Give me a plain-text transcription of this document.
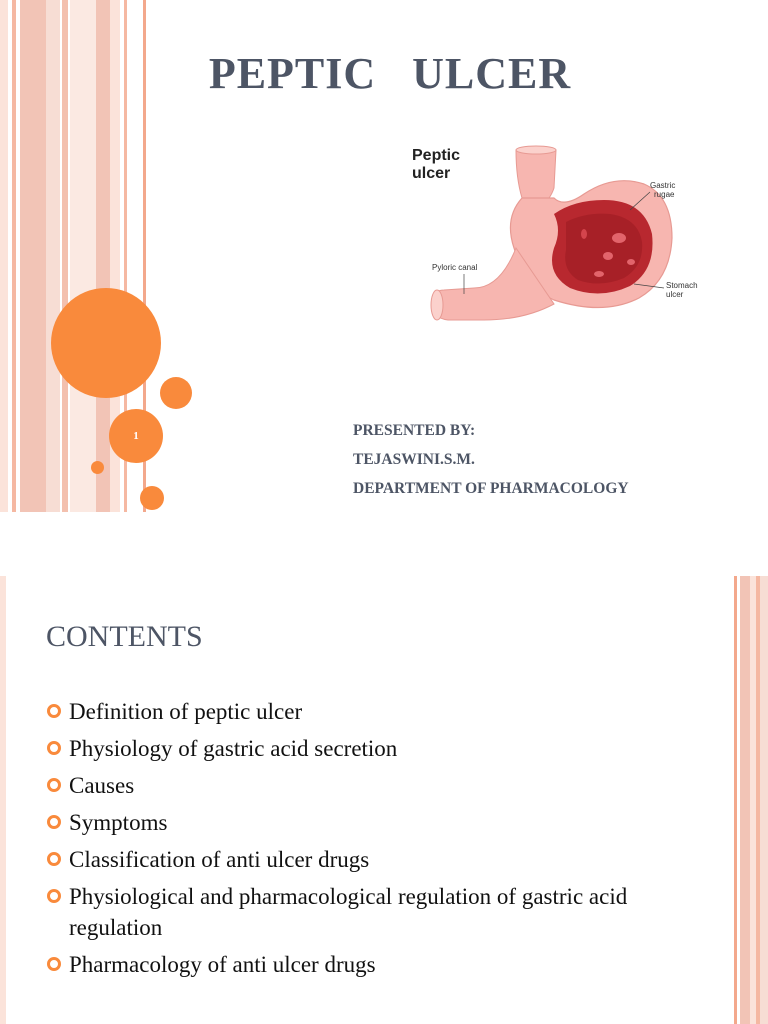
1
PEPTIC   ULCER
Peptic
ulcer
Gastric
rugae
Pyloric canal
Stomach
ulcer
PRESENTED BY:
TEJASWINI.S.M.
DEPARTMENT OF PHARMACOLOGY
CONTENTS
Definition of peptic ulcer
Physiology of gastric acid secretion
Causes
Symptoms
Classification of anti ulcer drugs
Physiological and pharmacological regulation of gastric acid regulation
Pharmacology of anti ulcer drugs
